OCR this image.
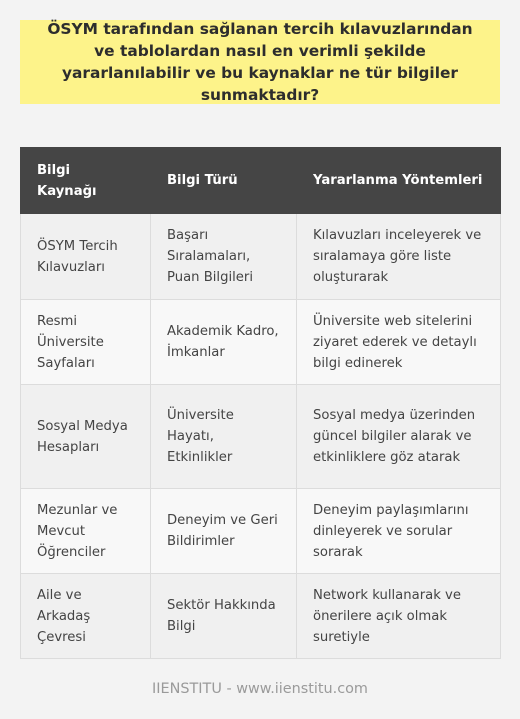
ÖSYM tarafından sağlanan tercih kılavuzlarından ve tablolardan nasıl en verimli şekilde yararlanılabilir ve bu kaynaklar ne tür bilgiler sunmaktadır?
Bilgi Kaynağı	Bilgi Türü	Yararlanma Yöntemleri
ÖSYM Tercih Kılavuzları	Başarı Sıralamaları, Puan Bilgileri	Kılavuzları inceleyerek ve sıralamaya göre liste oluşturarak
Resmi Üniversite Sayfaları	Akademik Kadro, İmkanlar	Üniversite web sitelerini ziyaret ederek ve detaylı bilgi edinerek
Sosyal Medya Hesapları	Üniversite Hayatı, Etkinlikler	Sosyal medya üzerinden güncel bilgiler alarak ve etkinliklere göz atarak
Mezunlar ve Mevcut Öğrenciler	Deneyim ve Geri Bildirimler	Deneyim paylaşımlarını dinleyerek ve sorular sorarak
Aile ve Arkadaş Çevresi	Sektör Hakkında Bilgi	Network kullanarak ve önerilere açık olmak suretiyle
IIENSTITU - www.iienstitu.com
